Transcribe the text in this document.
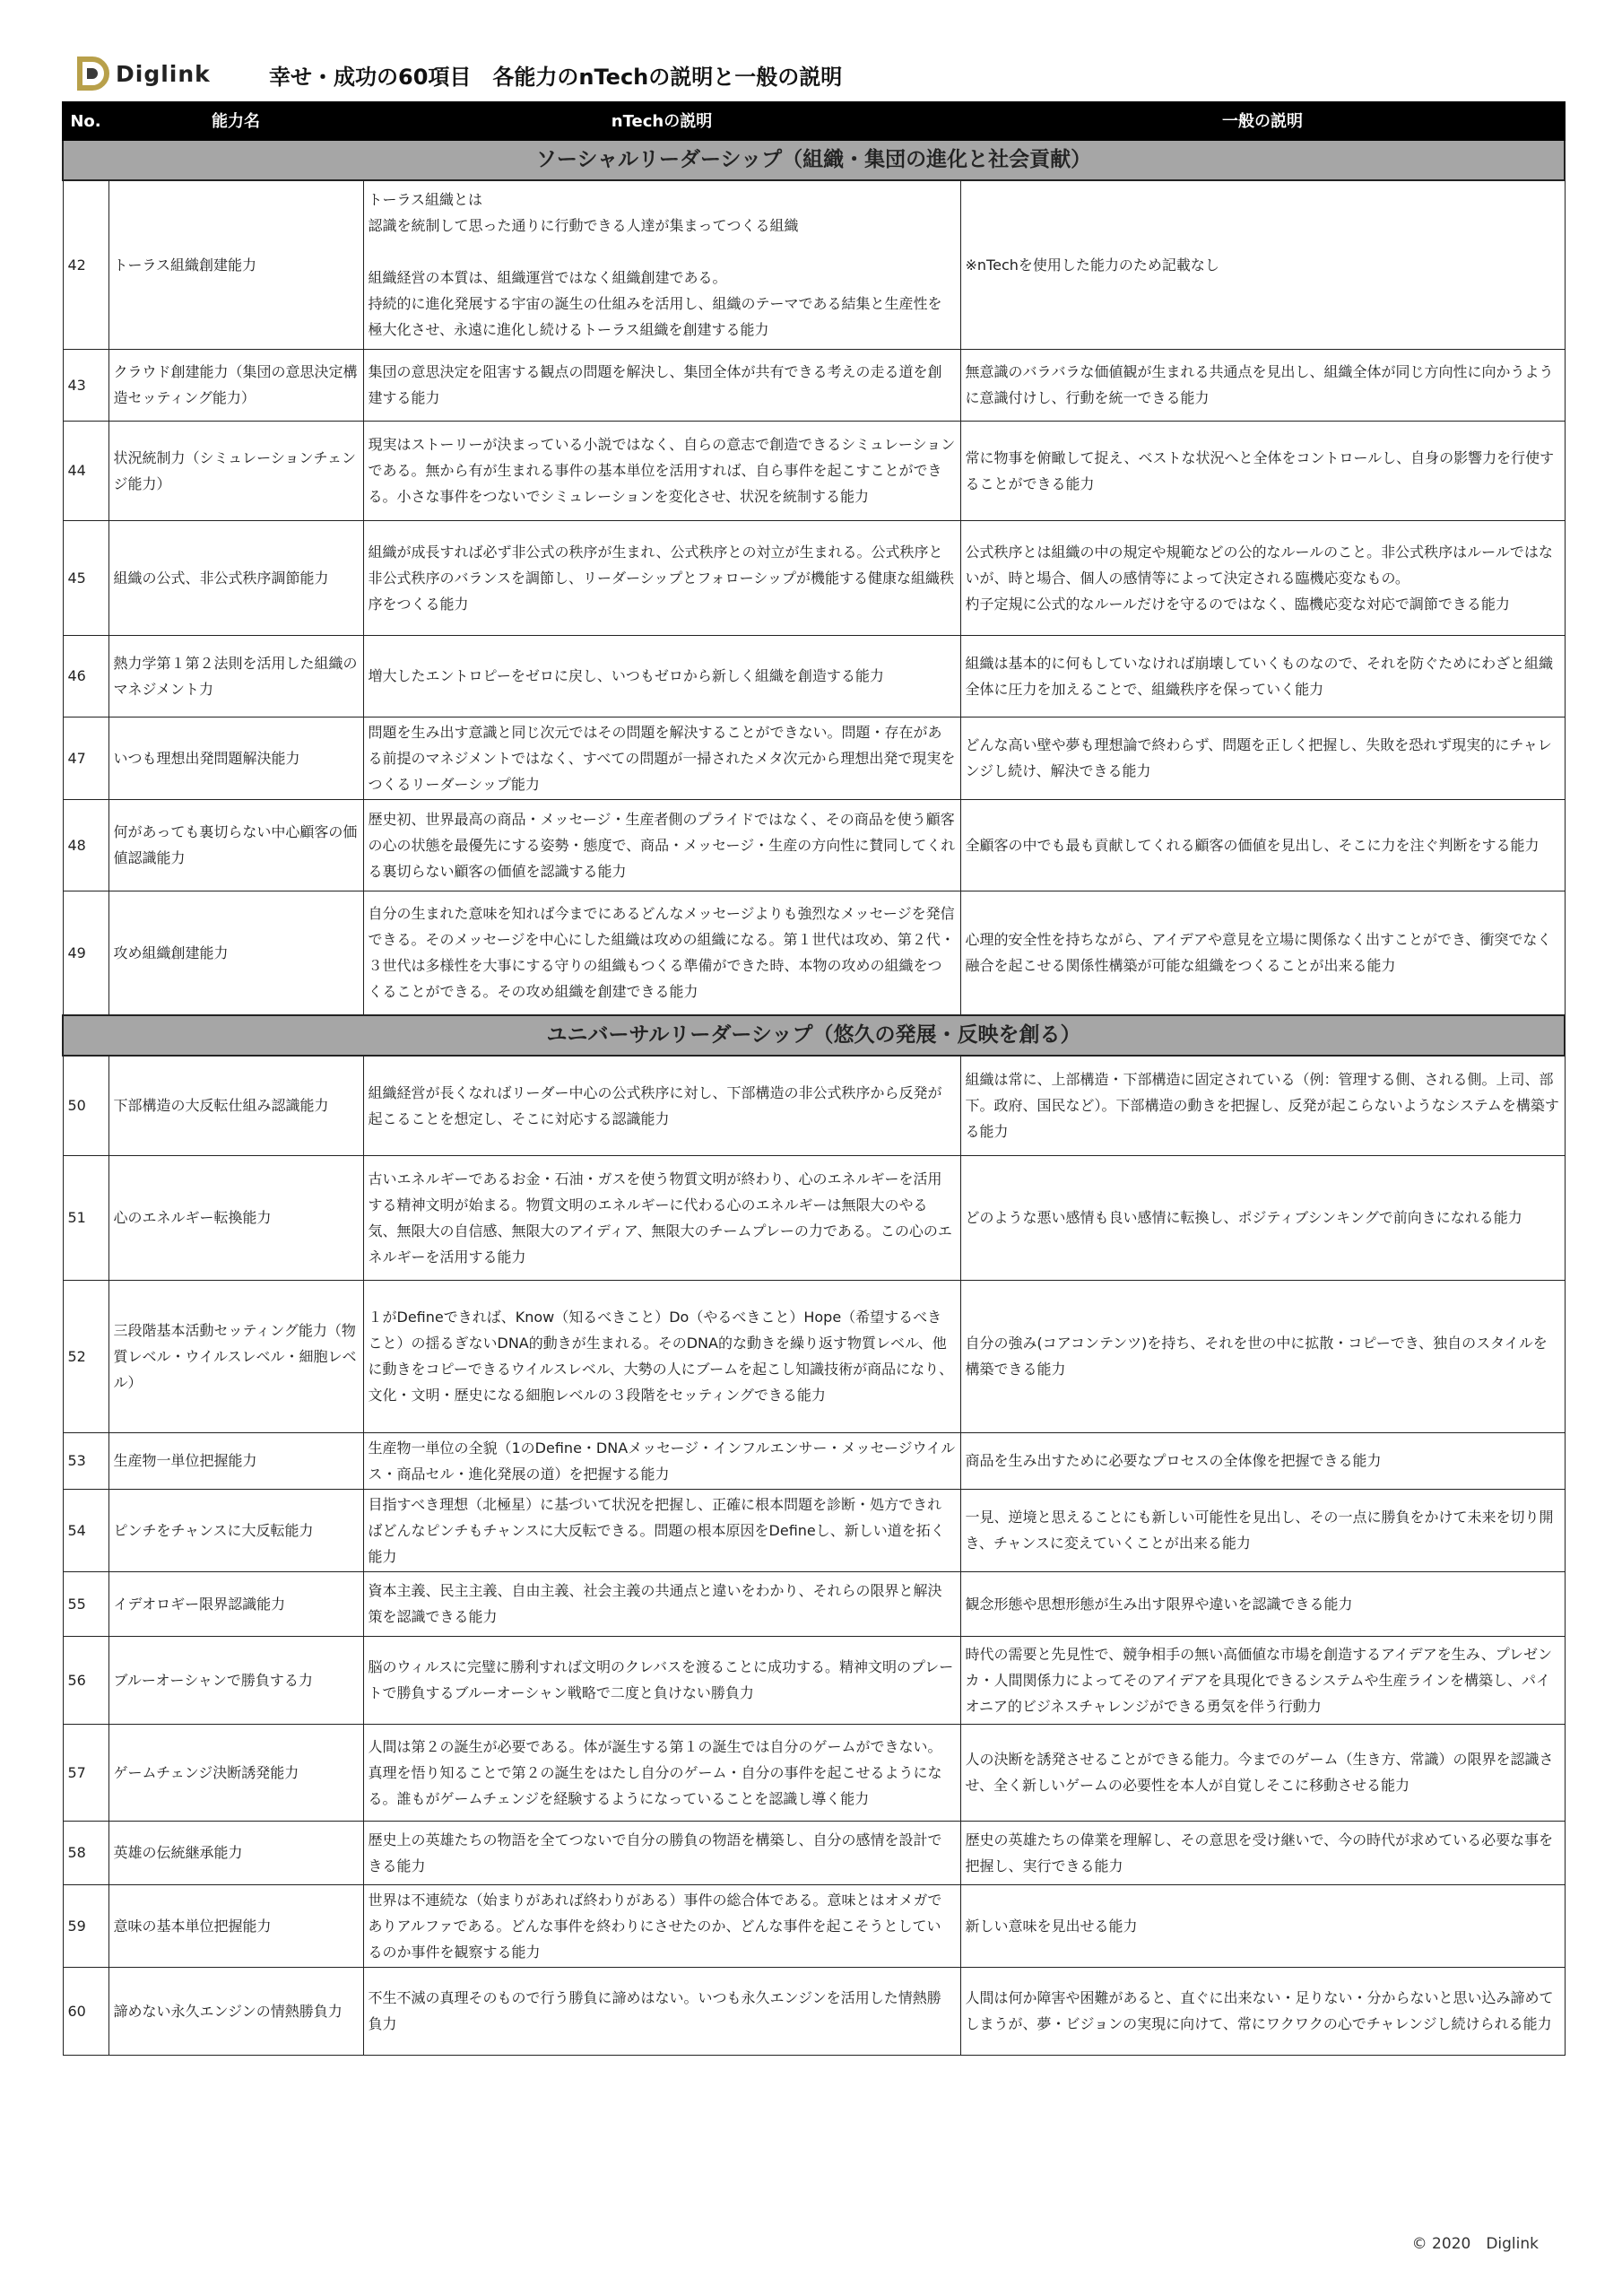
Diglink	幸せ・成功の60項目　各能力のnTechの説明と一般の説明
No.	能力名	nTechの説明	一般の説明
ソーシャルリーダーシップ（組織・集団の進化と社会貢献）			
42	トーラス組織創建能力	トーラス組織とは
認識を統制して思った通りに行動できる人達が集まってつくる組織

組織経営の本質は、組織運営ではなく組織創建である。
持続的に進化発展する宇宙の誕生の仕組みを活用し、組織のテーマである結集と生産性を極大化させ、永遠に進化し続けるトーラス組織を創建する能力	※nTechを使用した能力のため記載なし
43	クラウド創建能力（集団の意思決定構造セッティング能力）	集団の意思決定を阻害する観点の問題を解決し、集団全体が共有できる考えの走る道を創建する能力	無意識のバラバラな価値観が生まれる共通点を見出し、組織全体が同じ方向性に向かうように意識付けし、行動を統一できる能力
44	状況統制力（シミュレーションチェンジ能力）	現実はストーリーが決まっている小説ではなく、自らの意志で創造できるシミュレーションである。無から有が生まれる事件の基本単位を活用すれば、自ら事件を起こすことができる。小さな事件をつないでシミュレーションを変化させ、状況を統制する能力	常に物事を俯瞰して捉え、ベストな状況へと全体をコントロールし、自身の影響力を行使することができる能力
45	組織の公式、非公式秩序調節能力	組織が成長すれば必ず非公式の秩序が生まれ、公式秩序との対立が生まれる。公式秩序と非公式秩序のバランスを調節し、リーダーシップとフォローシップが機能する健康な組織秩序をつくる能力	公式秩序とは組織の中の規定や規範などの公的なルールのこと。非公式秩序はルールではないが、時と場合、個人の感情等によって決定される臨機応変なもの。
杓子定規に公式的なルールだけを守るのではなく、臨機応変な対応で調節できる能力
46	熱力学第１第２法則を活用した組織のマネジメント力	増大したエントロピーをゼロに戻し、いつもゼロから新しく組織を創造する能力	組織は基本的に何もしていなければ崩壊していくものなので、それを防ぐためにわざと組織全体に圧力を加えることで、組織秩序を保っていく能力
47	いつも理想出発問題解決能力	問題を生み出す意識と同じ次元ではその問題を解決することができない。問題・存在がある前提のマネジメントではなく、すべての問題が一掃されたメタ次元から理想出発で現実をつくるリーダーシップ能力	どんな高い壁や夢も理想論で終わらず、問題を正しく把握し、失敗を恐れず現実的にチャレンジし続け、解決できる能力
48	何があっても裏切らない中心顧客の価値認識能力	歴史初、世界最高の商品・メッセージ・生産者側のプライドではなく、その商品を使う顧客の心の状態を最優先にする姿勢・態度で、商品・メッセージ・生産の方向性に賛同してくれる裏切らない顧客の価値を認識する能力	全顧客の中でも最も貢献してくれる顧客の価値を見出し、そこに力を注ぐ判断をする能力
49	攻め組織創建能力	自分の生まれた意味を知れば今までにあるどんなメッセージよりも強烈なメッセージを発信できる。そのメッセージを中心にした組織は攻めの組織になる。第１世代は攻め、第２代・３世代は多様性を大事にする守りの組織もつくる準備ができた時、本物の攻めの組織をつくることができる。その攻め組織を創建できる能力	心理的安全性を持ちながら、アイデアや意見を立場に関係なく出すことができ、衝突でなく融合を起こせる関係性構築が可能な組織をつくることが出来る能力
ユニバーサルリーダーシップ（悠久の発展・反映を創る）			
50	下部構造の大反転仕組み認識能力	組織経営が長くなればリーダー中心の公式秩序に対し、下部構造の非公式秩序から反発が起こることを想定し、そこに対応する認識能力	組織は常に、上部構造・下部構造に固定されている（例：管理する側、される側。上司、部下。政府、国民など）。下部構造の動きを把握し、反発が起こらないようなシステムを構築する能力
51	心のエネルギー転換能力	古いエネルギーであるお金・石油・ガスを使う物質文明が終わり、心のエネルギーを活用する精神文明が始まる。物質文明のエネルギーに代わる心のエネルギーは無限大のやる気、無限大の自信感、無限大のアイディア、無限大のチームプレーの力である。この心のエネルギーを活用する能力	どのような悪い感情も良い感情に転換し、ポジティブシンキングで前向きになれる能力
52	三段階基本活動セッティング能力（物質レベル・ウイルスレベル・細胞レベル）	１がDefineできれば、Know（知るべきこと）Do（やるべきこと）Hope（希望するべきこと）の揺るぎないDNA的動きが生まれる。そのDNA的な動きを繰り返す物質レベル、他に動きをコピーできるウイルスレベル、大勢の人にブームを起こし知識技術が商品になり、文化・文明・歴史になる細胞レベルの３段階をセッティングできる能力	自分の強み(コアコンテンツ)を持ち、それを世の中に拡散・コピーでき、独自のスタイルを構築できる能力
53	生産物一単位把握能力	生産物一単位の全貌（1のDefine・DNAメッセージ・インフルエンサー・メッセージウイルス・商品セル・進化発展の道）を把握する能力	商品を生み出すために必要なプロセスの全体像を把握できる能力
54	ピンチをチャンスに大反転能力	目指すべき理想（北極星）に基づいて状況を把握し、正確に根本問題を診断・処方できればどんなピンチもチャンスに大反転できる。問題の根本原因をDefineし、新しい道を拓く能力	一見、逆境と思えることにも新しい可能性を見出し、その一点に勝負をかけて未来を切り開き、チャンスに変えていくことが出来る能力
55	イデオロギー限界認識能力	資本主義、民主主義、自由主義、社会主義の共通点と違いをわかり、それらの限界と解決策を認識できる能力	観念形態や思想形態が生み出す限界や違いを認識できる能力
56	ブルーオーシャンで勝負する力	脳のウィルスに完璧に勝利すれば文明のクレバスを渡ることに成功する。精神文明のプレートで勝負するブルーオーシャン戦略で二度と負けない勝負力	時代の需要と先見性で、競争相手の無い高価値な市場を創造するアイデアを生み、プレゼンカ・人間関係力によってそのアイデアを具現化できるシステムや生産ラインを構築し、パイオニア的ビジネスチャレンジができる勇気を伴う行動力
57	ゲームチェンジ決断誘発能力	人間は第２の誕生が必要である。体が誕生する第１の誕生では自分のゲームができない。真理を悟り知ることで第２の誕生をはたし自分のゲーム・自分の事件を起こせるようになる。誰もがゲームチェンジを経験するようになっていることを認識し導く能力	人の決断を誘発させることができる能力。今までのゲーム（生き方、常識）の限界を認識させ、全く新しいゲームの必要性を本人が自覚しそこに移動させる能力
58	英雄の伝統継承能力	歴史上の英雄たちの物語を全てつないで自分の勝負の物語を構築し、自分の感情を設計できる能力	歴史の英雄たちの偉業を理解し、その意思を受け継いで、今の時代が求めている必要な事を把握し、実行できる能力
59	意味の基本単位把握能力	世界は不連続な（始まりがあれば終わりがある）事件の総合体である。意味とはオメガでありアルファである。どんな事件を終わりにさせたのか、どんな事件を起こそうとしているのか事件を観察する能力	新しい意味を見出せる能力
60	諦めない永久エンジンの情熱勝負力	不生不滅の真理そのもので行う勝負に諦めはない。いつも永久エンジンを活用した情熱勝負力	人間は何か障害や困難があると、直ぐに出来ない・足りない・分からないと思い込み諦めてしまうが、夢・ビジョンの実現に向けて、常にワクワクの心でチャレンジし続けられる能力
© 2020　Diglink
